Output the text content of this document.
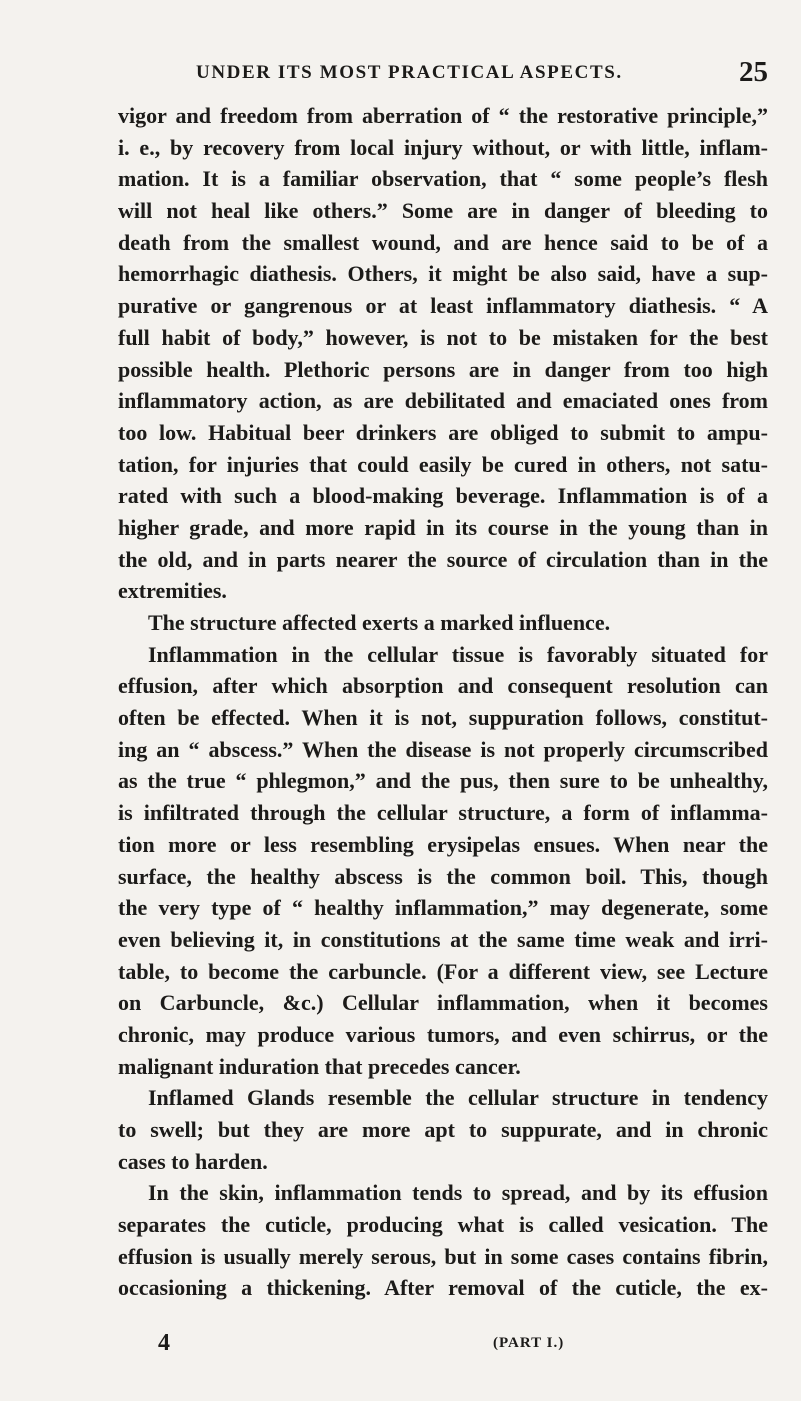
UNDER ITS MOST PRACTICAL ASPECTS.	25
vigor and freedom from aberration of “ the restorative principle,”
i. e., by recovery from local injury without, or with little, inflam-
mation. It is a familiar observation, that “ some people’s flesh
will not heal like others.” Some are in danger of bleeding to
death from the smallest wound, and are hence said to be of a
hemorrhagic diathesis. Others, it might be also said, have a sup-
purative or gangrenous or at least inflammatory diathesis. “ A
full habit of body,” however, is not to be mistaken for the best
possible health. Plethoric persons are in danger from too high
inflammatory action, as are debilitated and emaciated ones from
too low. Habitual beer drinkers are obliged to submit to ampu-
tation, for injuries that could easily be cured in others, not satu-
rated with such a blood-making beverage. Inflammation is of a
higher grade, and more rapid in its course in the young than in
the old, and in parts nearer the source of circulation than in the
extremities.
The structure affected exerts a marked influence.
Inflammation in the cellular tissue is favorably situated for
effusion, after which absorption and consequent resolution can
often be effected. When it is not, suppuration follows, constitut-
ing an “ abscess.” When the disease is not properly circumscribed
as the true “ phlegmon,” and the pus, then sure to be unhealthy,
is infiltrated through the cellular structure, a form of inflamma-
tion more or less resembling erysipelas ensues. When near the
surface, the healthy abscess is the common boil. This, though
the very type of “ healthy inflammation,” may degenerate, some
even believing it, in constitutions at the same time weak and irri-
table, to become the carbuncle. (For a different view, see Lecture
on Carbuncle, &c.) Cellular inflammation, when it becomes
chronic, may produce various tumors, and even schirrus, or the
malignant induration that precedes cancer.
Inflamed Glands resemble the cellular structure in tendency
to swell; but they are more apt to suppurate, and in chronic
cases to harden.
In the skin, inflammation tends to spread, and by its effusion
separates the cuticle, producing what is called vesication. The
effusion is usually merely serous, but in some cases contains fibrin,
occasioning a thickening. After removal of the cuticle, the ex-
4	(PART I.)
